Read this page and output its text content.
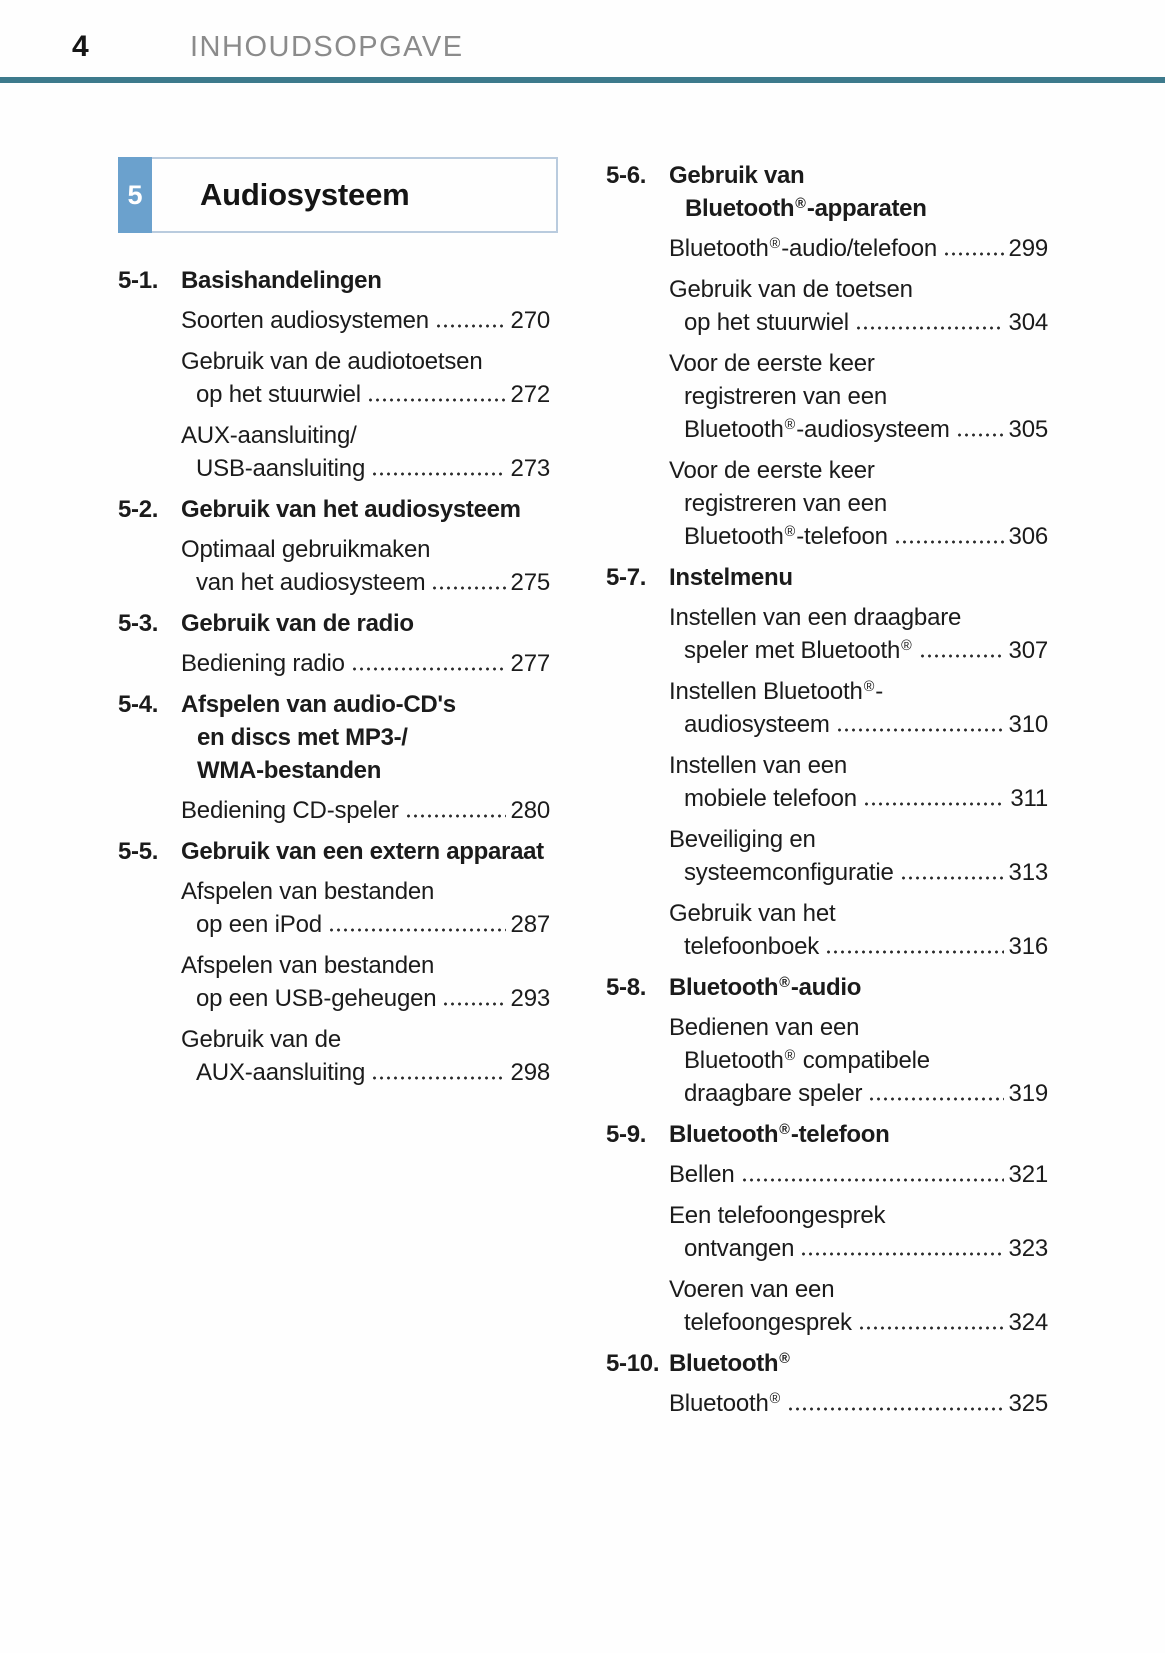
4	INHOUDSOPGAVE
5	Audiosysteem
5-1. Basishandelingen
Soorten audiosystemen	270
Gebruik van de audiotoetsen
op het stuurwiel	272
AUX-aansluiting/
USB-aansluiting	273
5-2. Gebruik van het audiosysteem
Optimaal gebruikmaken
van het audiosysteem	275
5-3. Gebruik van de radio
Bediening radio	277
5-4. Afspelen van audio-CD's
en discs met MP3-/
WMA-bestanden
Bediening CD-speler	280
5-5. Gebruik van een extern apparaat
Afspelen van bestanden
op een iPod	287
Afspelen van bestanden
op een USB-geheugen	293
Gebruik van de
AUX-aansluiting	298
5-6. Gebruik van
Bluetooth®-apparaten
Bluetooth®-audio/telefoon	299
Gebruik van de toetsen
op het stuurwiel	304
Voor de eerste keer
registreren van een
Bluetooth®-audiosysteem 305
Voor de eerste keer
registreren van een
Bluetooth®-telefoon	306
5-7. Instelmenu
Instellen van een draagbare
speler met Bluetooth®	307
Instellen Bluetooth®-
audiosysteem	310
Instellen van een
mobiele telefoon	311
Beveiliging en
systeemconfiguratie	313
Gebruik van het
telefoonboek	316
5-8. Bluetooth®-audio
Bedienen van een
Bluetooth® compatibele
draagbare speler	319
5-9. Bluetooth®-telefoon
Bellen	321
Een telefoongesprek
ontvangen	323
Voeren van een
telefoongesprek	324
5-10. Bluetooth®
Bluetooth®	325
